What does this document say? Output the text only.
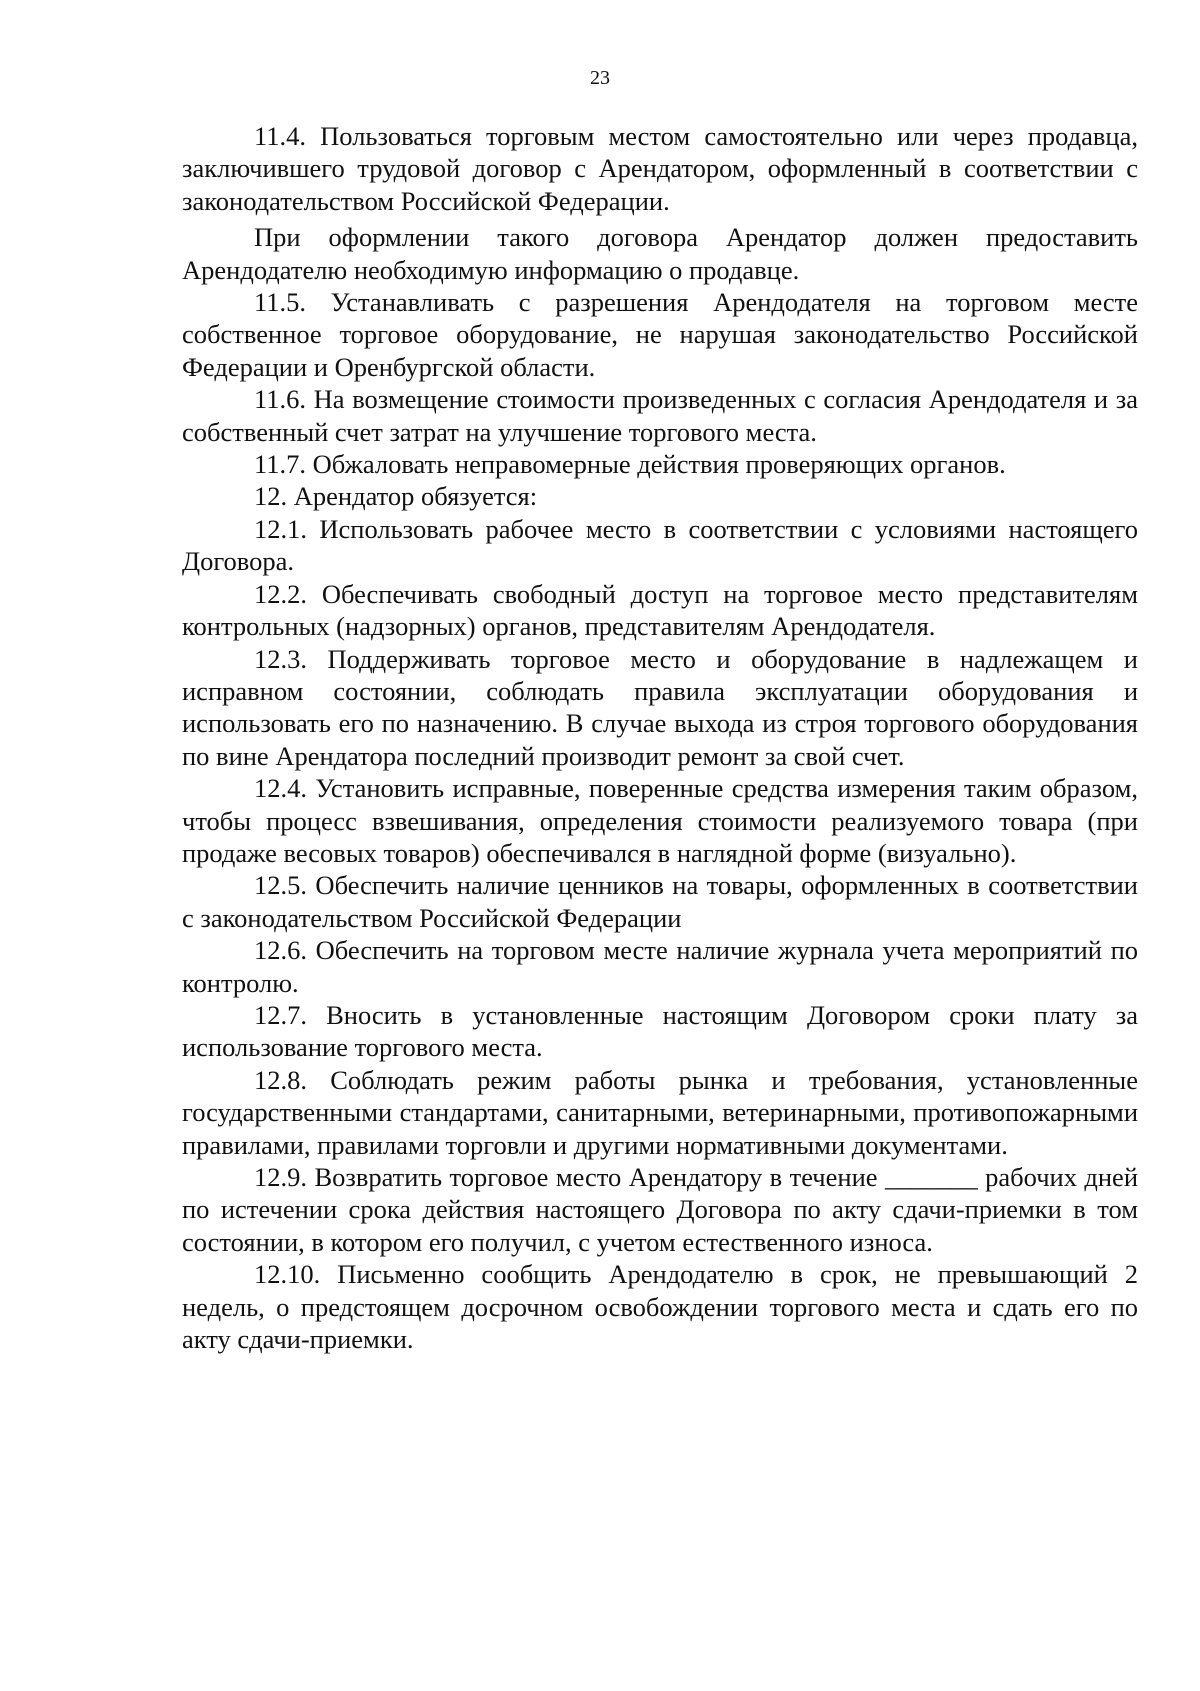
23

11.4. Пользоваться торговым местом самостоятельно или через продавца, заключившего трудовой договор с Арендатором, оформленный в соответствии с законодательством Российской Федерации.

При оформлении такого договора Арендатор должен предоставить Арендодателю необходимую информацию о продавце.

11.5. Устанавливать с разрешения Арендодателя на торговом месте собственное торговое оборудование, не нарушая законодательство Российской Федерации и Оренбургской области.

11.6. На возмещение стоимости произведенных с согласия Арендодателя и за собственный счет затрат на улучшение торгового места.

11.7. Обжаловать неправомерные действия проверяющих органов.

12. Арендатор обязуется:

12.1. Использовать рабочее место в соответствии с условиями настоящего Договора.

12.2. Обеспечивать свободный доступ на торговое место представителям контрольных (надзорных) органов, представителям Арендодателя.

12.3. Поддерживать торговое место и оборудование в надлежащем и исправном состоянии, соблюдать правила эксплуатации оборудования и использовать его по назначению. В случае выхода из строя торгового оборудования по вине Арендатора последний производит ремонт за свой счет.

12.4. Установить исправные, поверенные средства измерения таким образом, чтобы процесс взвешивания, определения стоимости реализуемого товара (при продаже весовых товаров) обеспечивался в наглядной форме (визуально).

12.5. Обеспечить наличие ценников на товары, оформленных в соответствии с законодательством Российской Федерации

12.6. Обеспечить на торговом месте наличие журнала учета мероприятий по контролю.

12.7. Вносить в установленные настоящим Договором сроки плату за использование торгового места.

12.8. Соблюдать режим работы рынка и требования, установленные государственными стандартами, санитарными, ветеринарными, противопожарными правилами, правилами торговли и другими нормативными документами.

12.9. Возвратить торговое место Арендатору в течение _______ рабочих дней по истечении срока действия настоящего Договора по акту сдачи-приемки в том состоянии, в котором его получил, с учетом естественного износа.

12.10. Письменно сообщить Арендодателю в срок, не превышающий 2 недель, о предстоящем досрочном освобождении торгового места и сдать его по акту сдачи-приемки.
